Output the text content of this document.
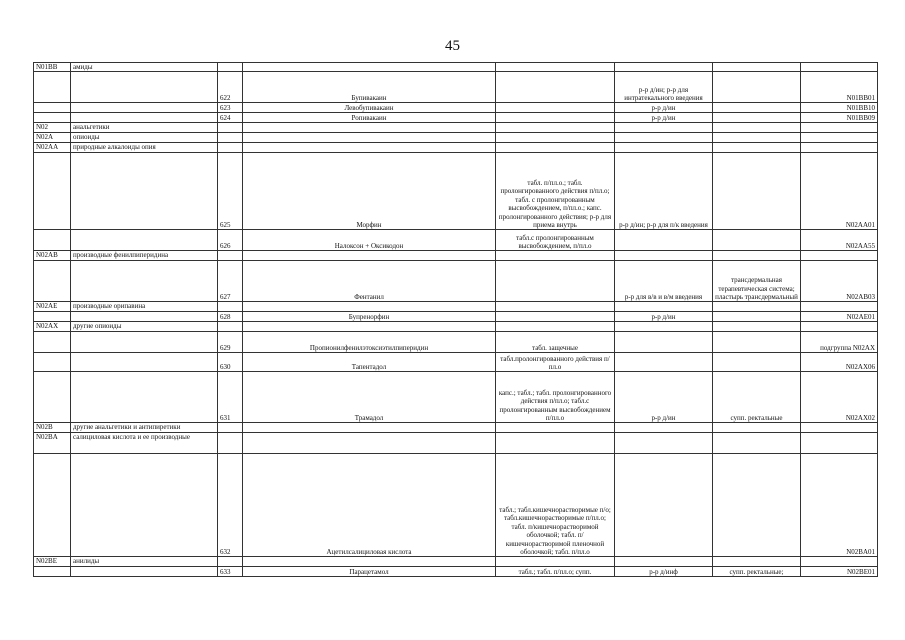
45
N01BB	амиды						
		622	Бупивакаин		р-р д/ин; р-р для интратекального введения		N01BB01
		623	Левобупивакаин		р-р д/ин		N01BB10
		624	Ропивакаин		р-р д/ин		N01BB09
N02	анальгетики						
N02A	опиоиды						
N02AA	природные алкалоиды опия						
		625	Морфин	табл. п/пл.о.; табл. пролонгированного действия п/пл.о; табл. с пролонгированным высвобождением, п/пл.о.; капс. пролонгированного действия; р-р для приема внутрь	р-р д/ин; р-р для п/к введения		N02AA01
		626	Налоксон + Оксикодон	табл.с пролонгированным высвобождением, п/пл.о			N02AA55
N02AB	производные фенилпиперидина						
		627	Фентанил		р-р для в/в и в/м введения	трансдермальная терапевтическая система; пластырь трансдермальный	N02AB03
N02AE	производные орипавина						
		628	Бупренорфин		р-р д/ин		N02AE01
N02AX	другие опиоиды						
		629	Пропионилфенилэтоксиэтилпиперидин	табл. защечные			подгруппа N02AX
		630	Тапентадол	табл.пролонгированного действия п/пл.о			N02AX06
		631	Трамадол	капс.; табл.; табл. пролонгированного действия п/пл.о; табл.с пролонгированным высвобождением п/пл.о	р-р д/ин	супп. ректальные	N02AX02
N02B	другие анальгетики и антипиретики						
N02BA	салициловая кислота и ее производные						
		632	Ацетилсалициловая кислота	табл.; табл.кишечнорастворимые п/о; табл.кишечнорастворимые п/пл.о; табл. п/кишечнорастворимой оболочкой; табл. п/кишечнорастворимой пленочной оболочкой; табл. п/пл.о			N02BA01
N02BE	анилиды						
		633	Парацетамол	табл.; табл. п/пл.о; супп.	р-р д/инф	супп. ректальные;	N02BE01
